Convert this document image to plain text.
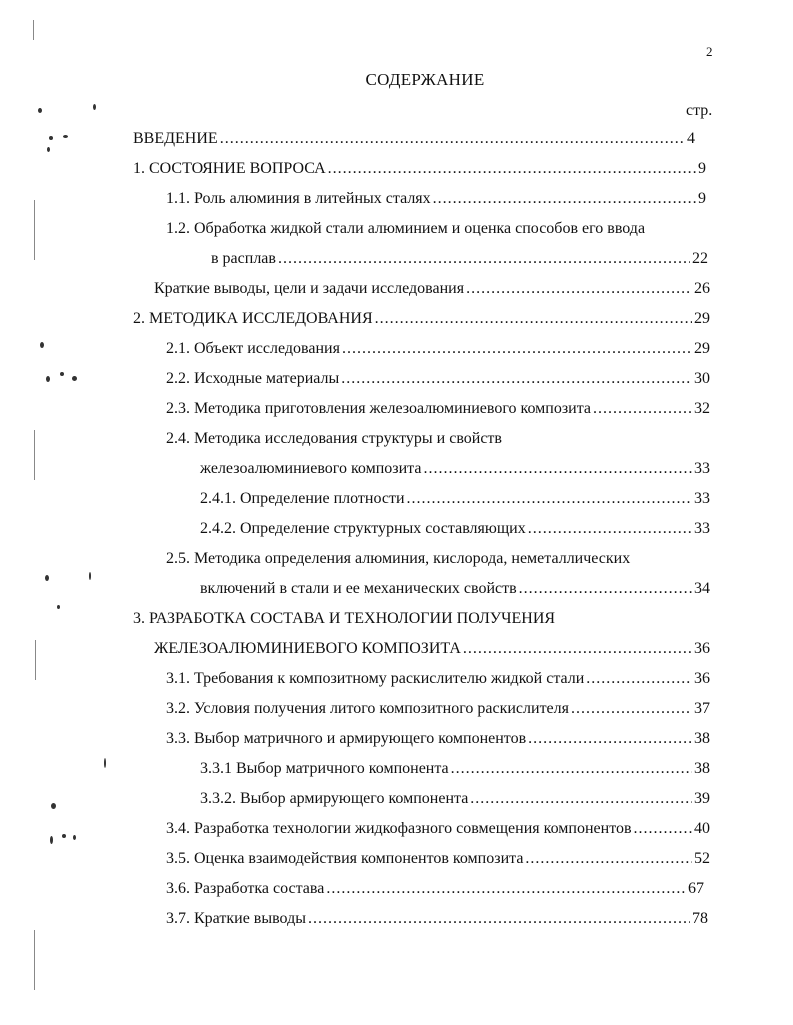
2
СОДЕРЖАНИЕ
стр.
ВВЕДЕНИЕ .....	4
1. СОСТОЯНИЕ ВОПРОСА .....	9
1.1. Роль алюминия в литейных сталях .....	9
1.2. Обработка жидкой стали алюминием и оценка способов его ввода
в расплав .....	22
Краткие выводы, цели и задачи исследования .....	26
2. МЕТОДИКА ИССЛЕДОВАНИЯ .....	29
2.1. Объект исследования .....	29
2.2. Исходные материалы .....	30
2.3. Методика приготовления железоалюминиевого композита .....	32
2.4. Методика исследования структуры и свойств
железоалюминиевого композита .....	33
2.4.1. Определение плотности .....	33
2.4.2. Определение структурных составляющих .....	33
2.5. Методика определения алюминия, кислорода, неметаллических
включений в стали и ее механических свойств .....	34
3. РАЗРАБОТКА СОСТАВА И ТЕХНОЛОГИИ ПОЛУЧЕНИЯ
ЖЕЛЕЗОАЛЮМИНИЕВОГО КОМПОЗИТА .....	36
3.1. Требования к композитному раскислителю жидкой стали .....	36
3.2. Условия получения литого композитного раскислителя .....	37
3.3. Выбор матричного и армирующего компонентов .....	38
3.3.1 Выбор матричного компонента .....	38
3.3.2. Выбор армирующего компонента .....	39
3.4. Разработка технологии жидкофазного совмещения компонентов .....	40
3.5. Оценка взаимодействия компонентов композита .....	52
3.6. Разработка состава .....	67
3.7. Краткие выводы .....	78
